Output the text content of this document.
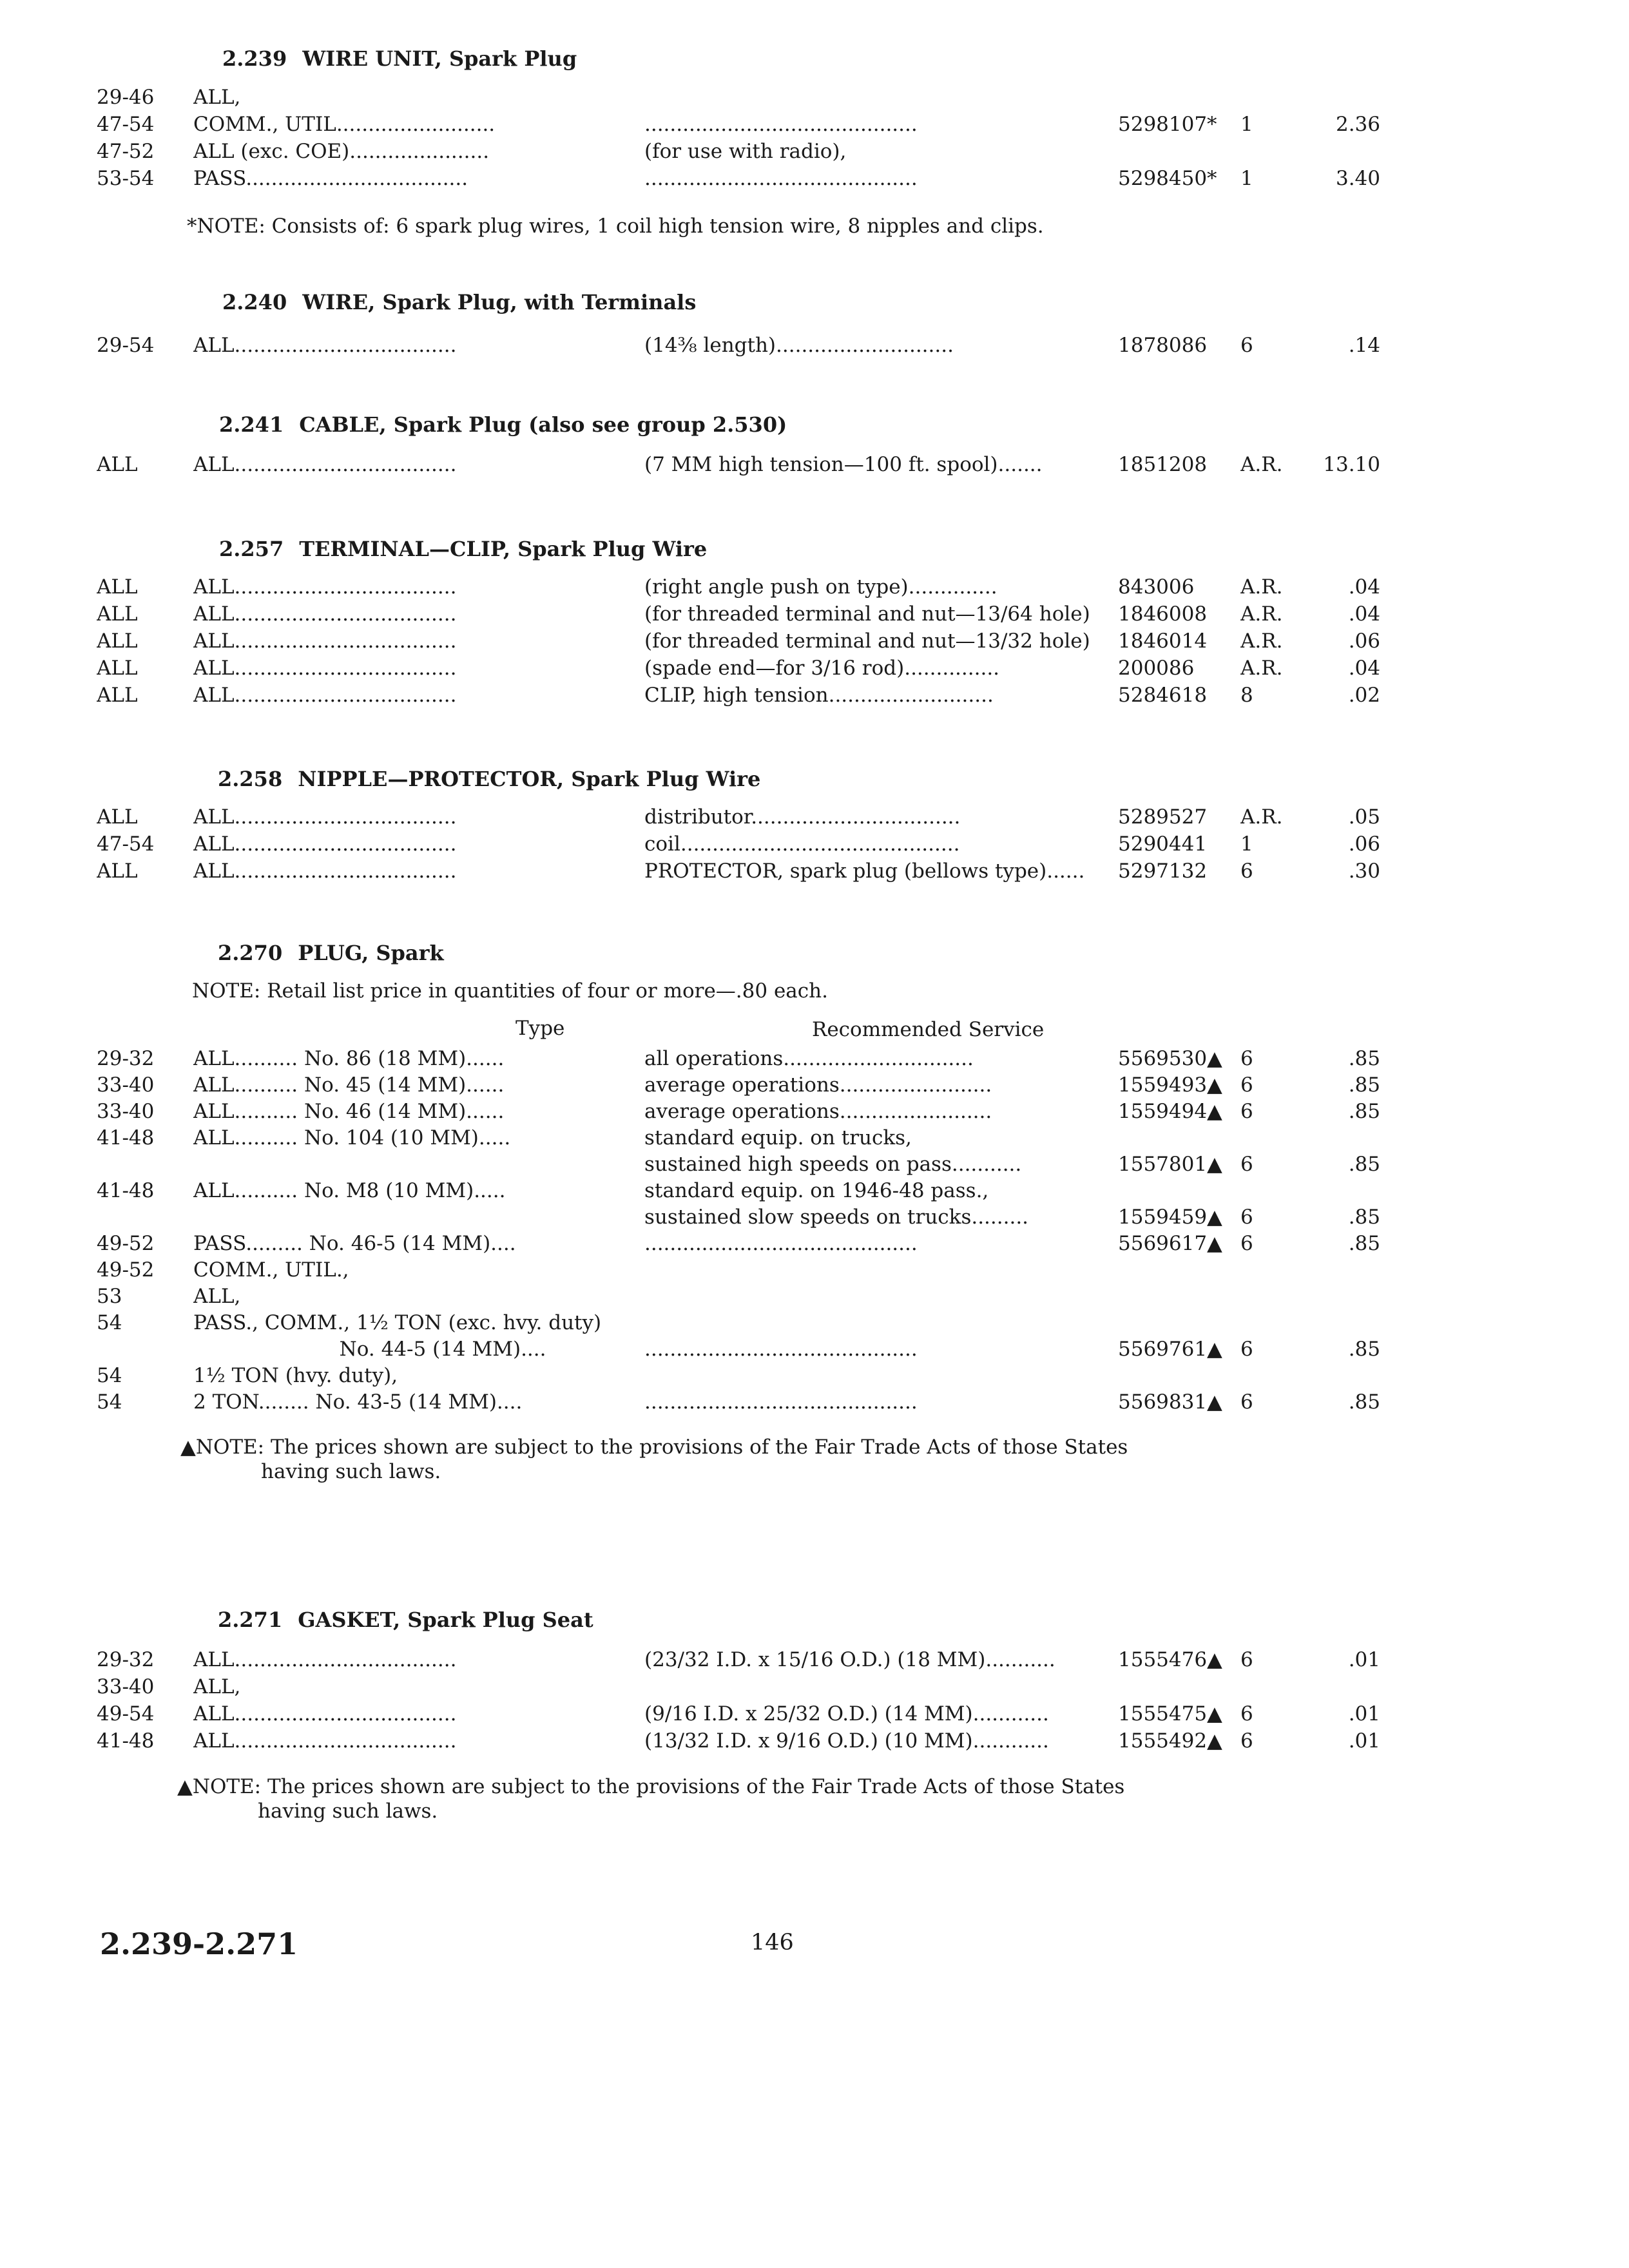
2.239 WIRE UNIT, Spark Plug
29-46	ALL,
47-54	COMM., UTIL.........................	...........................................	5298107*	1	2.36
47-52	ALL (exc. COE)......................	(for use with radio),
53-54	PASS...................................	...........................................	5298450*	1	3.40
*NOTE: Consists of: 6 spark plug wires, 1 coil high tension wire, 8 nipples and clips.
2.240 WIRE, Spark Plug, with Terminals
29-54	ALL...................................	(14⅜ length)............................	1878086	6	.14
2.241 CABLE, Spark Plug (also see group 2.530)
ALL	ALL...................................	(7 MM high tension—100 ft. spool).......	1851208	A.R.	13.10
2.257 TERMINAL—CLIP, Spark Plug Wire
ALL	ALL...................................	(right angle push on type)..............	843006	A.R.	.04
ALL	ALL...................................	(for threaded terminal and nut—13/64 hole)	1846008	A.R.	.04
ALL	ALL...................................	(for threaded terminal and nut—13/32 hole)	1846014	A.R.	.06
ALL	ALL...................................	(spade end—for 3/16 rod)...............	200086	A.R.	.04
ALL	ALL...................................	CLIP, high tension..........................	5284618	8	.02
2.258 NIPPLE—PROTECTOR, Spark Plug Wire
ALL	ALL...................................	distributor.................................	5289527	A.R.	.05
47-54	ALL...................................	coil............................................	5290441	1	.06
ALL	ALL...................................	PROTECTOR, spark plug (bellows type)......	5297132	6	.30
2.270 PLUG, Spark
NOTE: Retail list price in quantities of four or more—.80 each.
Type	Recommended Service
29-32	ALL.......... No. 86 (18 MM)......	all operations..............................	5569530▲ 6	.85
33-40	ALL.......... No. 45 (14 MM)......	average operations........................	1559493▲ 6	.85
33-40	ALL.......... No. 46 (14 MM)......	average operations........................	1559494▲ 6	.85
41-48	ALL.......... No. 104 (10 MM).....	standard equip. on trucks,
sustained high speeds on pass...........	1557801▲ 6	.85
41-48	ALL.......... No. M8 (10 MM).....	standard equip. on 1946-48 pass.,
sustained slow speeds on trucks.........	1559459▲ 6	.85
49-52	PASS......... No. 46-5 (14 MM)....	...........................................	5569617▲ 6	.85
49-52	COMM., UTIL.,
53	ALL,
54	PASS., COMM., 1½ TON (exc. hvy. duty)
No. 44-5 (14 MM)....	...........................................	5569761▲ 6	.85
54	1½ TON (hvy. duty),
54	2 TON........ No. 43-5 (14 MM)....	...........................................	5569831▲ 6	.85
▲NOTE: The prices shown are subject to the provisions of the Fair Trade Acts of those States
having such laws.
2.271 GASKET, Spark Plug Seat
29-32	ALL...................................	(23/32 I.D. x 15/16 O.D.) (18 MM)...........	1555476▲ 6	.01
33-40	ALL,
49-54	ALL...................................	(9/16 I.D. x 25/32 O.D.) (14 MM)............	1555475▲ 6	.01
41-48	ALL...................................	(13/32 I.D. x 9/16 O.D.) (10 MM)............	1555492▲ 6	.01
▲NOTE: The prices shown are subject to the provisions of the Fair Trade Acts of those States
having such laws.
2.239-2.271	146
